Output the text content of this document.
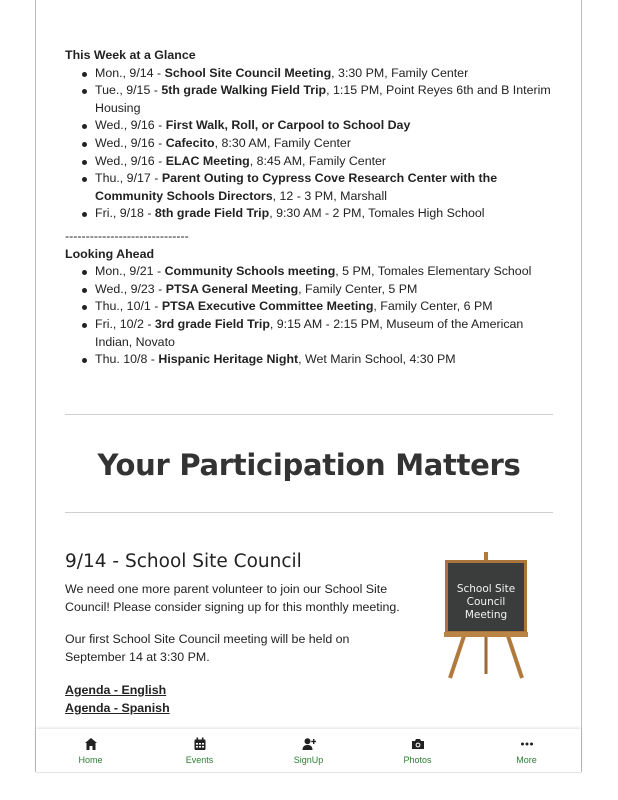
This Week at a Glance
Mon., 9/14 - School Site Council Meeting, 3:30 PM, Family Center
Tue., 9/15 - 5th grade Walking Field Trip, 1:15 PM, Point Reyes 6th and B Interim Housing
Wed., 9/16 - First Walk, Roll, or Carpool to School Day
Wed., 9/16 - Cafecito, 8:30 AM, Family Center
Wed., 9/16 - ELAC Meeting, 8:45 AM, Family Center
Thu., 9/17 - Parent Outing to Cypress Cove Research Center with the Community Schools Directors, 12 - 3 PM, Marshall
Fri., 9/18 - 8th grade Field Trip, 9:30 AM - 2 PM, Tomales High School
------------------------------
Looking Ahead
Mon., 9/21 - Community Schools meeting, 5 PM, Tomales Elementary School
Wed., 9/23 - PTSA General Meeting, Family Center, 5 PM
Thu., 10/1 - PTSA Executive Committee Meeting, Family Center, 6 PM
Fri., 10/2 - 3rd grade Field Trip, 9:15 AM - 2:15 PM, Museum of the American Indian, Novato
Thu. 10/8 - Hispanic Heritage Night, Wet Marin School, 4:30 PM
Your Participation Matters
9/14 - School Site Council
We need one more parent volunteer to join our School Site Council! Please consider signing up for this monthly meeting.
Our first School Site Council meeting will be held on September 14 at 3:30 PM.
Agenda - English
Agenda - Spanish
School Site
Council
Meeting
Home	Events	SignUp	Photos	More
